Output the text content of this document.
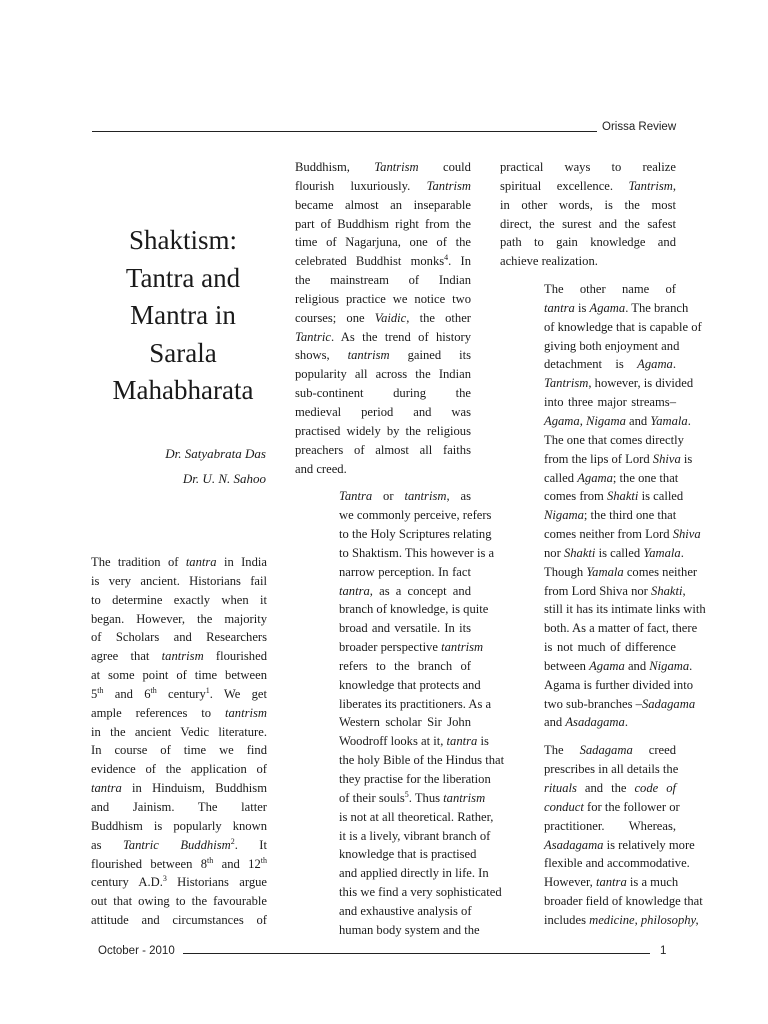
Orissa Review
Shaktism:
Tantra and
Mantra in
Sarala
Mahabharata
Dr. Satyabrata Das
Dr. U. N. Sahoo

The tradition of tantra in India
is very ancient. Historians fail
to determine exactly when it
began. However, the majority
of Scholars and Researchers
agree that tantrism flourished
at some point of time between
5th and 6th century$^1$. We get
ample references to tantrism
in the ancient Vedic literature.
In course of time we find
evidence of the application of
tantra in Hinduism, Buddhism
and Jainism. The latter
Buddhism is popularly known
as Tantric Buddhism$^2$. It
flourished between 8th and 12th
century A.D.$^3$ Historians argue
out that owing to the favourable
attitude and circumstances of

Buddhism, Tantrism could
flourish luxuriously. Tantrism
became almost an inseparable
part of Buddhism right from the
time of Nagarjuna, one of the
celebrated Buddhist monks$^4$. In
the mainstream of Indian
religious practice we notice two
courses; one Vaidic, the other
Tantric. As the trend of history
shows, tantrism gained its
popularity all across the Indian
sub-continent during the
medieval period and was
practised widely by the religious
preachers of almost all faiths
and creed.

Tantra or tantrism, as
we commonly perceive, refers
to the Holy Scriptures relating
to Shaktism. This however is a
narrow perception. In fact
tantra, as a concept and
branch of knowledge, is quite
broad and versatile. In its
broader perspective tantrism
refers to the branch of
knowledge that protects and
liberates its practitioners. As a
Western scholar Sir John
Woodroff looks at it, tantra is
the holy Bible of the Hindus that
they practise for the liberation
of their souls$^5$. Thus tantrism
is not at all theoretical. Rather,
it is a lively, vibrant branch of
knowledge that is practised
and applied directly in life. In
this we find a very sophisticated
and exhaustive analysis of
human body system and the

practical ways to realize
spiritual excellence. Tantrism,
in other words, is the most
direct, the surest and the safest
path to gain knowledge and
achieve realization.

The other name of
tantra is Agama. The branch
of knowledge that is capable of
giving both enjoyment and
detachment is Agama.
Tantrism, however, is divided
into three major streams–
Agama, Nigama and Yamala.
The one that comes directly
from the lips of Lord Shiva is
called Agama; the one that
comes from Shakti is called
Nigama; the third one that
comes neither from Lord Shiva
nor Shakti is called Yamala.
Though Yamala comes neither
from Lord Shiva nor Shakti,
still it has its intimate links with
both. As a matter of fact, there
is not much of difference
between Agama and Nigama.
Agama is further divided into
two sub-branches –Sadagama
and Asadagama.

The Sadagama creed
prescribes in all details the
rituals and the code of
conduct for the follower or
practitioner. Whereas,
Asadagama is relatively more
flexible and accommodative.
However, tantra is a much
broader field of knowledge that
includes medicine, philosophy,

October - 2010	1
